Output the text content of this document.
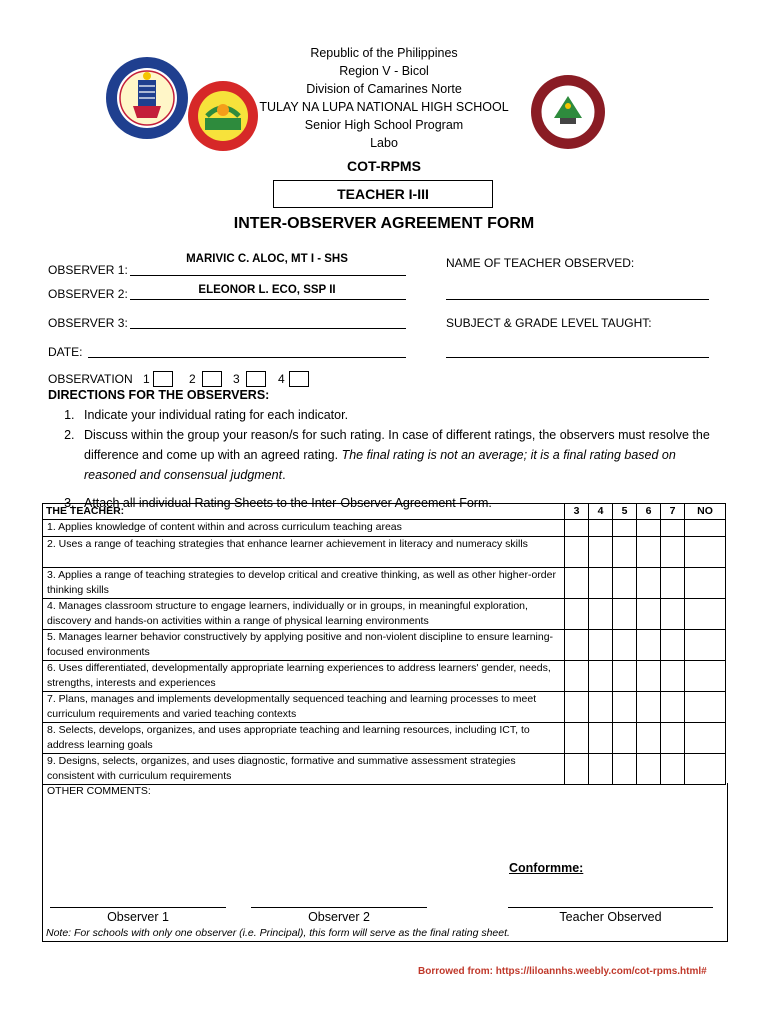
Republic of the Philippines
Region V - Bicol
Division of Camarines Norte
TULAY NA LUPA NATIONAL HIGH SCHOOL
Senior High School Program
Labo
COT-RPMS
TEACHER I-III
INTER-OBSERVER AGREEMENT FORM
MARIVIC C. ALOC, MT I - SHS
OBSERVER 1:
ELEONOR L. ECO, SSP II
OBSERVER 2:
OBSERVER 3:
DATE:
NAME OF TEACHER OBSERVED:
SUBJECT & GRADE LEVEL TAUGHT:
OBSERVATION 1	2	3	4
DIRECTIONS FOR THE OBSERVERS:
1. Indicate your individual rating for each indicator.
2. Discuss within the group your reason/s for such rating. In case of different ratings, the observers must resolve the difference and come up with an agreed rating. The final rating is not an average; it is a final rating based on reasoned and consensual judgment.
3. Attach all individual Rating Sheets to the Inter-Observer Agreement Form.
THE TEACHER:	3	4	5	6	7	NO
1. Applies knowledge of content within and across curriculum teaching areas						
2. Uses a range of teaching strategies that enhance learner achievement in literacy and numeracy skills						
3. Applies a range of teaching strategies to develop critical and creative thinking, as well as other higher-order thinking skills						
4. Manages classroom structure to engage learners, individually or in groups, in meaningful exploration, discovery and hands-on activities within a range of physical learning environments						
5. Manages learner behavior constructively by applying positive and non-violent discipline to ensure learning-focused environments						
6. Uses differentiated, developmentally appropriate learning experiences to address learners' gender, needs, strengths, interests and experiences						
7. Plans, manages and implements developmentally sequenced teaching and learning processes to meet curriculum requirements and varied teaching contexts						
8. Selects, develops, organizes, and uses appropriate teaching and learning resources, including ICT, to address learning goals						
9. Designs, selects, organizes, and uses diagnostic, formative and summative assessment strategies consistent with curriculum requirements						
OTHER COMMENTS:
Conformme:
Observer 1	Observer 2	Teacher Observed
Note: For schools with only one observer (i.e. Principal), this form will serve as the final rating sheet.
Borrowed from: https://liloannhs.weebly.com/cot-rpms.html#
